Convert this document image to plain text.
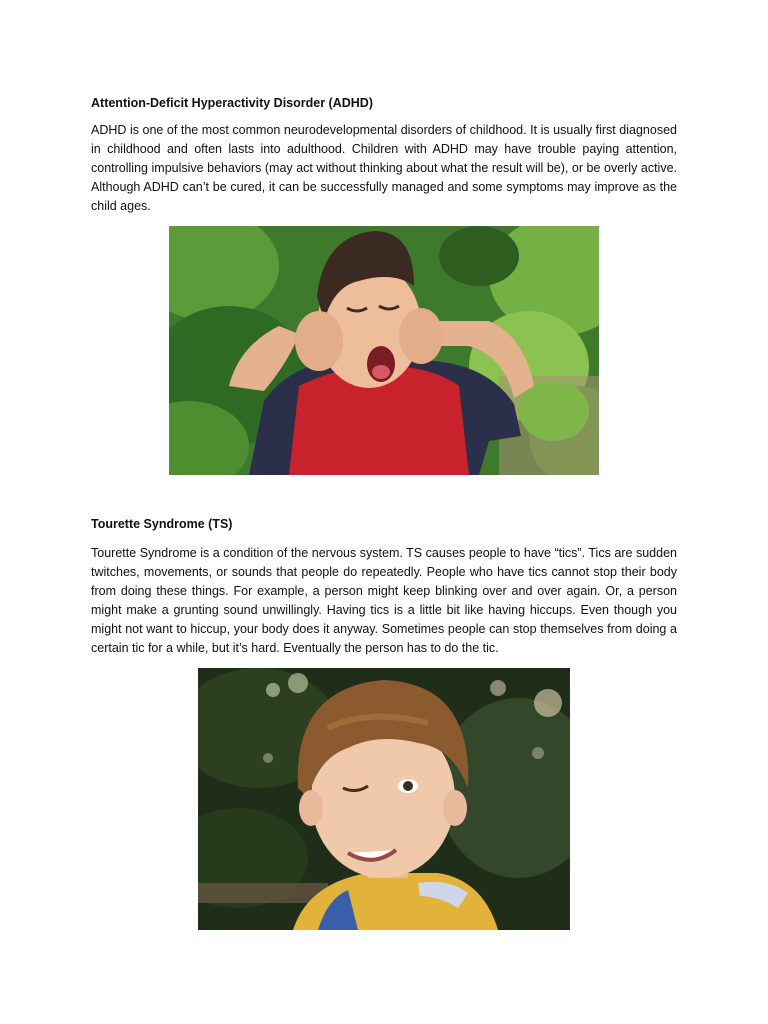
Attention-Deficit Hyperactivity Disorder (ADHD)
ADHD is one of the most common neurodevelopmental disorders of childhood. It is usually first diagnosed in childhood and often lasts into adulthood. Children with ADHD may have trouble paying attention, controlling impulsive behaviors (may act without thinking about what the result will be), or be overly active. Although ADHD can’t be cured, it can be successfully managed and some symptoms may improve as the child ages.
Tourette Syndrome (TS)
Tourette Syndrome is a condition of the nervous system. TS causes people to have “tics”. Tics are sudden twitches, movements, or sounds that people do repeatedly. People who have tics cannot stop their body from doing these things. For example, a person might keep blinking over and over again. Or, a person might make a grunting sound unwillingly. Having tics is a little bit like having hiccups. Even though you might not want to hiccup, your body does it anyway. Sometimes people can stop themselves from doing a certain tic for a while, but it’s hard. Eventually the person has to do the tic.
